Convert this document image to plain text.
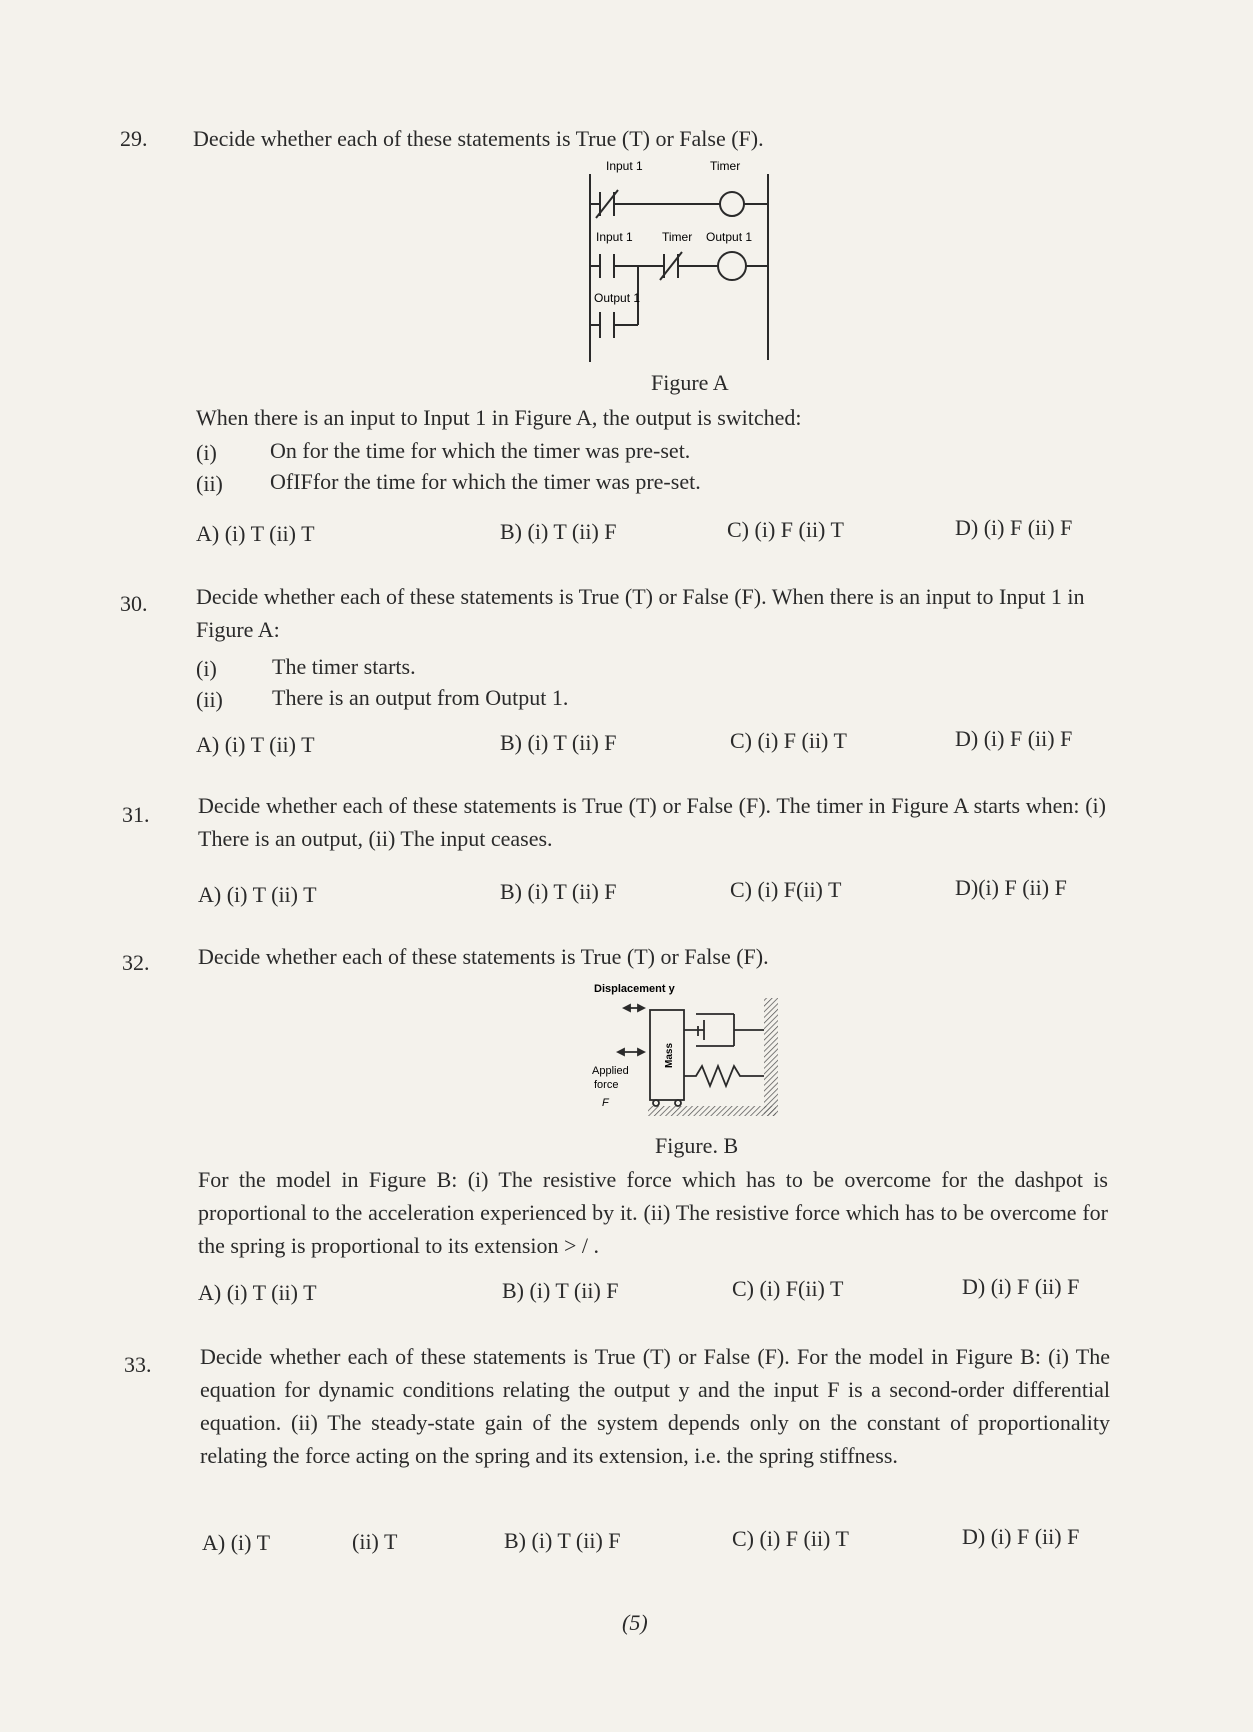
29. Decide whether each of these statements is True (T) or False (F).
Input 1	Timer
Input 1 Timer Output 1
Output 1
Figure A
When there is an input to Input 1 in Figure A, the output is switched:
(i) On for the time for which the timer was pre-set.
(ii) OfIFfor the time for which the timer was pre-set.
A) (i) T (ii) T	B) (i) T (ii) F	C) (i) F (ii) T	D) (i) F (ii) F
30. Decide whether each of these statements is True (T) or False (F). When there is an input to Input 1 in Figure A:
(i)	The timer starts.
(ii) There is an output from Output 1.
A) (i) T (ii) T	B) (i) T (ii) F	C) (i) F (ii) T	D) (i) F (ii) F
31. Decide whether each of these statements is True (T) or False (F). The timer in Figure A starts when: (i) There is an output, (ii) The input ceases.
A) (i) T (ii) T	B) (i) T (ii) F	C) (i) F(ii) T	D)(i) F (ii) F
32. Decide whether each of these statements is True (T) or False (F).
Displacement y
Mass
Applied
force
F
Figure. B
For the model in Figure B: (i) The resistive force which has to be overcome for the dashpot is proportional to the acceleration experienced by it. (ii) The resistive force which has to be overcome for the spring is proportional to its extension > / .
A) (i) T (ii) T	B) (i) T (ii) F	C) (i) F(ii) T	D) (i) F (ii) F
33. Decide whether each of these statements is True (T) or False (F). For the model in Figure B: (i) The equation for dynamic conditions relating the output y and the input F is a second-order differential equation. (ii) The steady-state gain of the system depends only on the constant of proportionality relating the force acting on the spring and its extension, i.e. the spring stiffness.
A) (i) T	(ii) T	B) (i) T (ii) F	C) (i) F (ii) T	D) (i) F (ii) F
(5)
